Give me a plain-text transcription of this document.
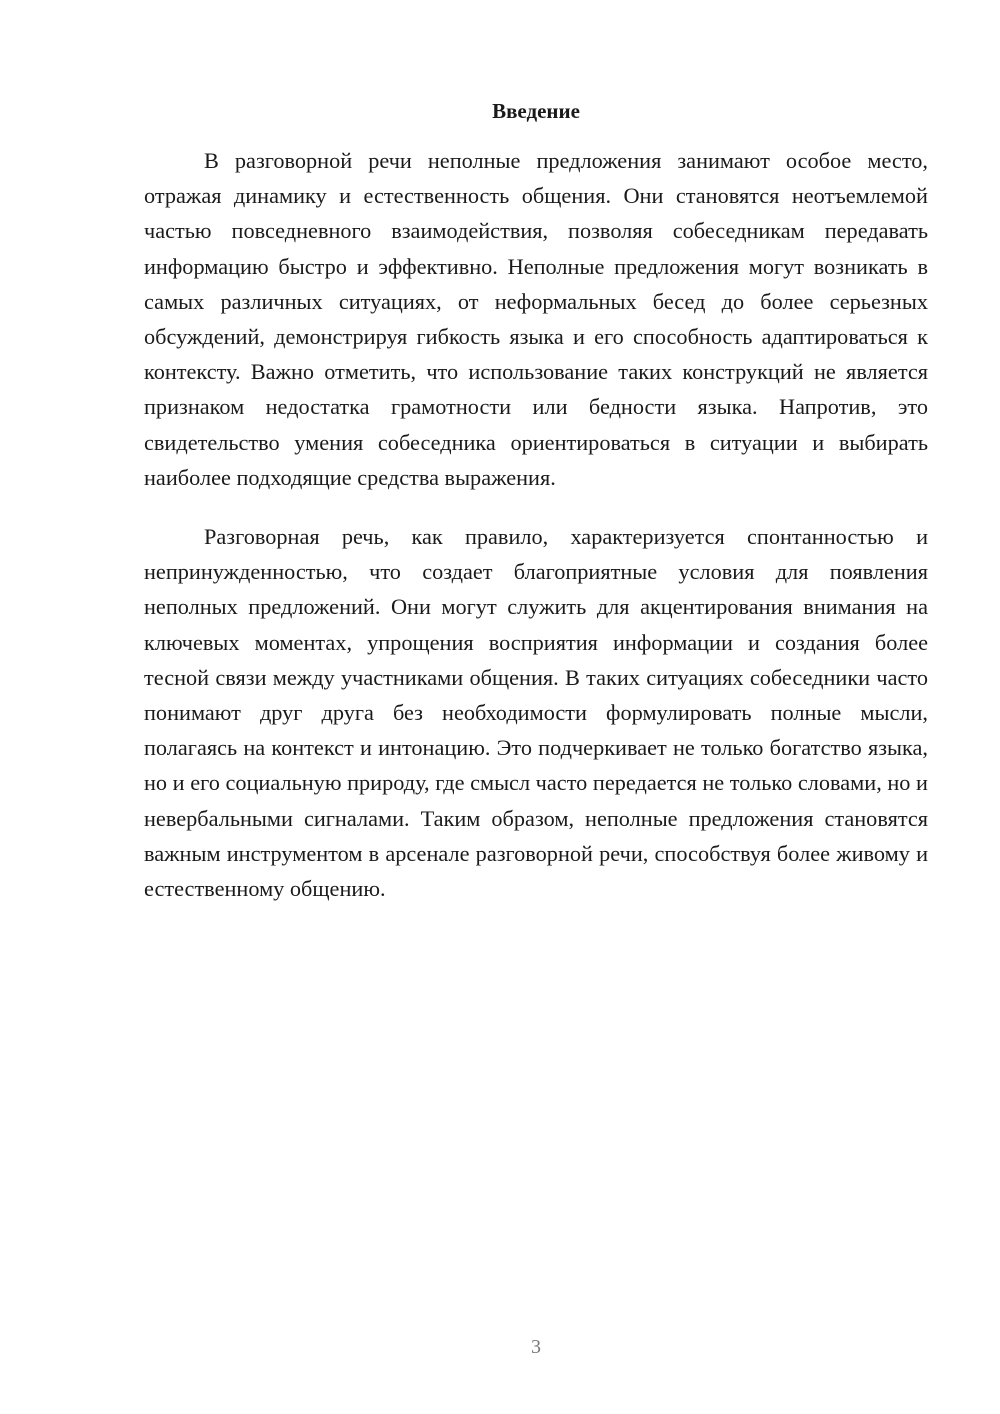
Введение

В разговорной речи неполные предложения занимают особое место, отражая динамику и естественность общения. Они становятся неотъемлемой частью повседневного взаимодействия, позволяя собеседникам передавать информацию быстро и эффективно. Неполные предложения могут возникать в самых различных ситуациях, от неформальных бесед до более серьезных обсуждений, демонстрируя гибкость языка и его способность адаптироваться к контексту. Важно отметить, что использование таких конструкций не является признаком недостатка грамотности или бедности языка. Напротив, это свидетельство умения собеседника ориентироваться в ситуации и выбирать наиболее подходящие средства выражения.

Разговорная речь, как правило, характеризуется спонтанностью и непринужденностью, что создает благоприятные условия для появления неполных предложений. Они могут служить для акцентирования внимания на ключевых моментах, упрощения восприятия информации и создания более тесной связи между участниками общения. В таких ситуациях собеседники часто понимают друг друга без необходимости формулировать полные мысли, полагаясь на контекст и интонацию. Это подчеркивает не только богатство языка, но и его социальную природу, где смысл часто передается не только словами, но и невербальными сигналами. Таким образом, неполные предложения становятся важным инструментом в арсенале разговорной речи, способствуя более живому и естественному общению.

3
